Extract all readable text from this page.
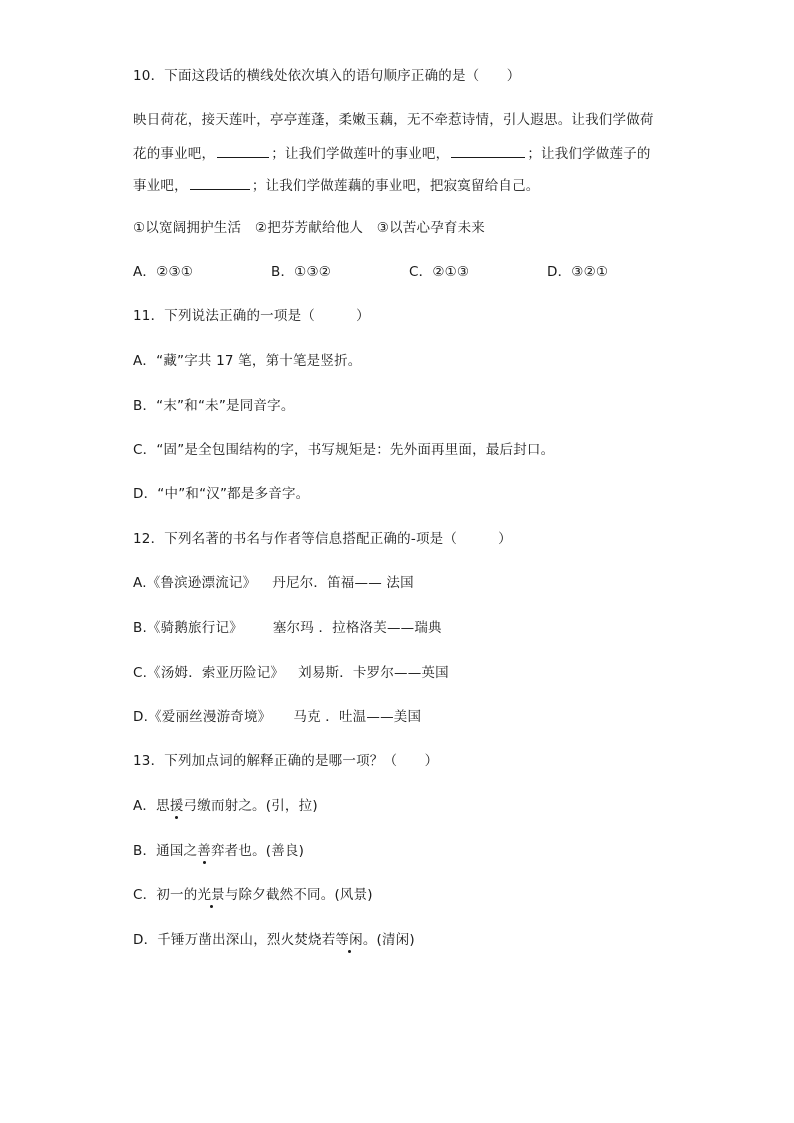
10．下面这段话的横线处依次填入的语句顺序正确的是（　　）
映日荷花，接天莲叶，亭亭莲蓬，柔嫩玉藕，无不牵惹诗情，引人遐思。让我们学做荷
花的事业吧，	；让我们学做莲叶的事业吧，	；让我们学做莲子的
事业吧，	；让我们学做莲藕的事业吧，把寂寞留给自己。
①以宽阔拥护生活　②把芬芳献给他人　③以苦心孕育未来
A．②③①	B．①③②	C．②①③	D．③②①
11．下列说法正确的一项是（　　　）
A．“藏”字共 17 笔，第十笔是竖折。
B．“末”和“未”是同音字。
C．“固”是全包围结构的字，书写规矩是：先外面再里面，最后封口。
D．“中”和“汉”都是多音字。
12．下列名著的书名与作者等信息搭配正确的-项是（　　　）
A.《鲁滨逊漂流记》 丹尼尔．笛福—— 法国
B.《骑鹅旅行记》 塞尔玛 ．拉格洛芙——瑞典
C.《汤姆．索亚历险记》 刘易斯．卡罗尔——英国
D.《爱丽丝漫游奇境》 马克 ．吐温——美国
13．下列加点词的解释正确的是哪一项？（　　）
A．思援弓缴而射之。(引，拉)
B．通国之善弈者也。(善良)
C．初一的光景与除夕截然不同。(风景)
D．千锤万凿出深山，烈火焚烧若等闲。(清闲)
